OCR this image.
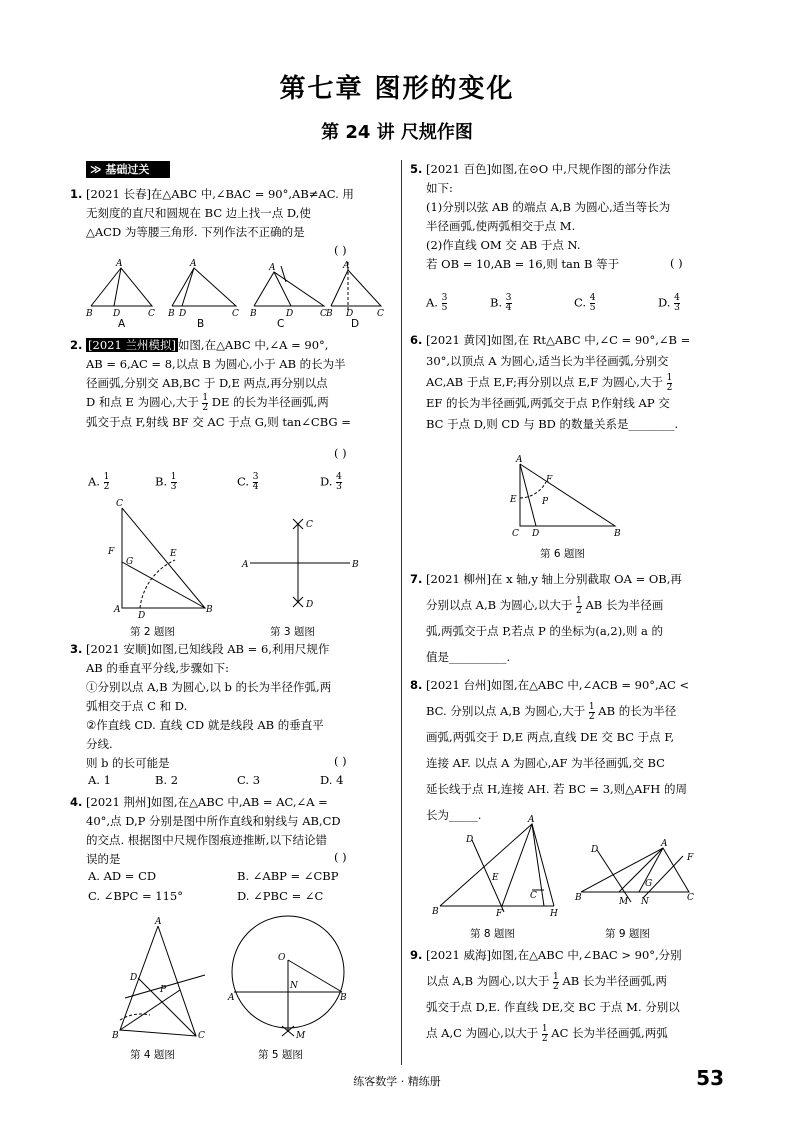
第七章 图形的变化
第 24 讲 尺规作图
≫ 基础过关
1. [2021 长春]在△ABC 中,∠BAC = 90°,AB≠AC. 用
无刻度的直尺和圆规在 BC 边上找一点 D,使
△ACD 为等腰三角形. 下列作法不正确的是
( )
A
B	C
D
A
B	C
D
A
B	C
D
A
B	C
D
A	B	C	D
2. [2021 兰州模拟] 如图,在△ABC 中,∠A = 90°,
AB = 6,AC = 8,以点 B 为圆心,小于 AB 的长为半
径画弧,分别交 AB,BC 于 D,E 两点,再分别以点
D 和点 E 为圆心,大于 $\frac{1}{2}$ DE 的长为半径画弧,两
弧交于点 F,射线 BF 交 AC 于点 G,则 tan∠CBG =
( )
A. $\frac{1}{2}$	B. $\frac{1}{3}$	C. $\frac{3}{4}$	D. $\frac{4}{3}$
C
A	B
G
F	E
D
第 2 题图
A	B
C
D
第 3 题图
3. [2021 安顺]如图,已知线段 AB = 6,利用尺规作
AB 的垂直平分线,步骤如下:
①分别以点 A,B 为圆心,以 b 的长为半径作弧,两
弧相交于点 C 和 D.
②作直线 CD. 直线 CD 就是线段 AB 的垂直平
分线.
则 b 的长可能是	( )
A. 1	B. 2	C. 3	D. 4
4. [2021 荆州]如图,在△ABC 中,AB = AC,∠A =
40°,点 D,P 分别是图中所作直线和射线与 AB,CD
的交点. 根据图中尺规作图痕迹推断,以下结论错
误的是	( )
A. AD = CD	B. ∠ABP = ∠CBP
C. ∠BPC = 115°	D. ∠PBC = ∠C
A
B	C
D
P
第 4 题图
O
A	B
N
M
第 5 题图
5. [2021 百色]如图,在⊙O 中,尺规作图的部分作法
如下:
(1)分别以弦 AB 的端点 A,B 为圆心,适当等长为
半径画弧,使两弧相交于点 M.
(2)作直线 OM 交 AB 于点 N.
若 OB = 10,AB = 16,则 tan B 等于	( )
A. $\frac{3}{5}$	B. $\frac{3}{4}$	C. $\frac{4}{5}$	D. $\frac{4}{3}$
6. [2021 黄冈]如图,在 Rt△ABC 中,∠C = 90°,∠B =
30°,以顶点 A 为圆心,适当长为半径画弧,分别交
AC,AB 于点 E,F;再分别以点 E,F 为圆心,大于 $\frac{1}{2}$

EF 的长为半径画弧,两弧交于点 P,作射线 AP 交
BC 于点 D,则 CD 与 BD 的数量关系是________.
A
C	B
D
E
F
P
第 6 题图
7. [2021 柳州]在 x 轴,y 轴上分别截取 OA = OB,再
分别以点 A,B 为圆心,以大于 $\frac{1}{2}$ AB 长为半径画
弧,两弧交于点 P,若点 P 的坐标为(a,2),则 a 的
值是__________.
8. [2021 台州]如图,在△ABC 中,∠ACB = 90°,AC <
BC. 分别以点 A,B 为圆心,大于 $\frac{1}{2}$ AB 的长为半径
画弧,两弧交于 D,E 两点,直线 DE 交 BC 于点 F,
连接 AF. 以点 A 为圆心,AF 为半径画弧,交 BC
延长线于点 H,连接 AH. 若 BC = 3,则△AFH 的周
长为_____.	A
B
C
D
E
F	H
第 8 题图
A
B	C
D
M N
F
G
第 9 题图
9. [2021 威海]如图,在△ABC 中,∠BAC > 90°,分别
以点 A,B 为圆心,以大于 $\frac{1}{2}$ AB 长为半径画弧,两
弧交于点 D,E. 作直线 DE,交 BC 于点 M. 分别以
点 A,C 为圆心,以大于 $\frac{1}{2}$ AC 长为半径画弧,两弧
练客数学 · 精练册	53
